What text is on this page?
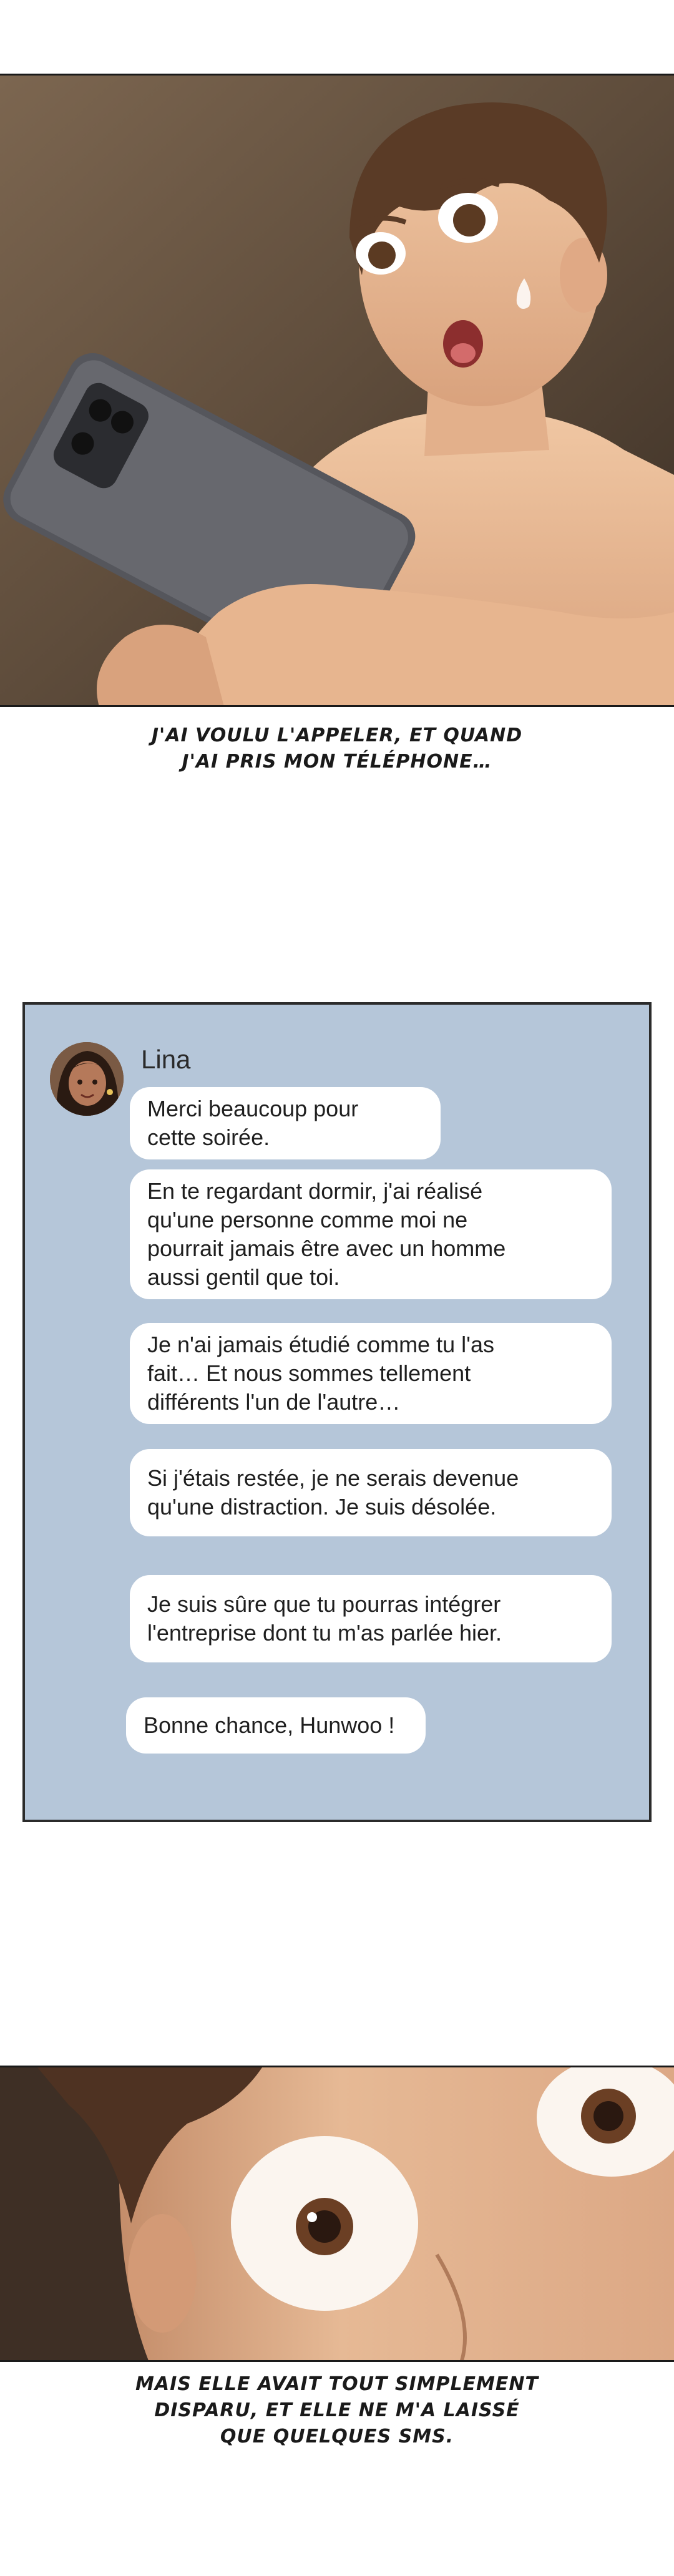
J'AI VOULU L'APPELER, ET QUAND
J'AI PRIS MON TÉLÉPHONE…
Lina
Merci beaucoup pour
cette soirée.
En te regardant dormir, j'ai réalisé
qu'une personne comme moi ne
pourrait jamais être avec un homme
aussi gentil que toi.
Je n'ai jamais étudié comme tu l'as
fait… Et nous sommes tellement
différents l'un de l'autre…
Si j'étais restée, je ne serais devenue
qu'une distraction. Je suis désolée.
Je suis sûre que tu pourras intégrer
l'entreprise dont tu m'as parlée hier.
Bonne chance, Hunwoo !
MAIS ELLE AVAIT TOUT SIMPLEMENT
DISPARU, ET ELLE NE M'A LAISSÉ
QUE QUELQUES SMS.
